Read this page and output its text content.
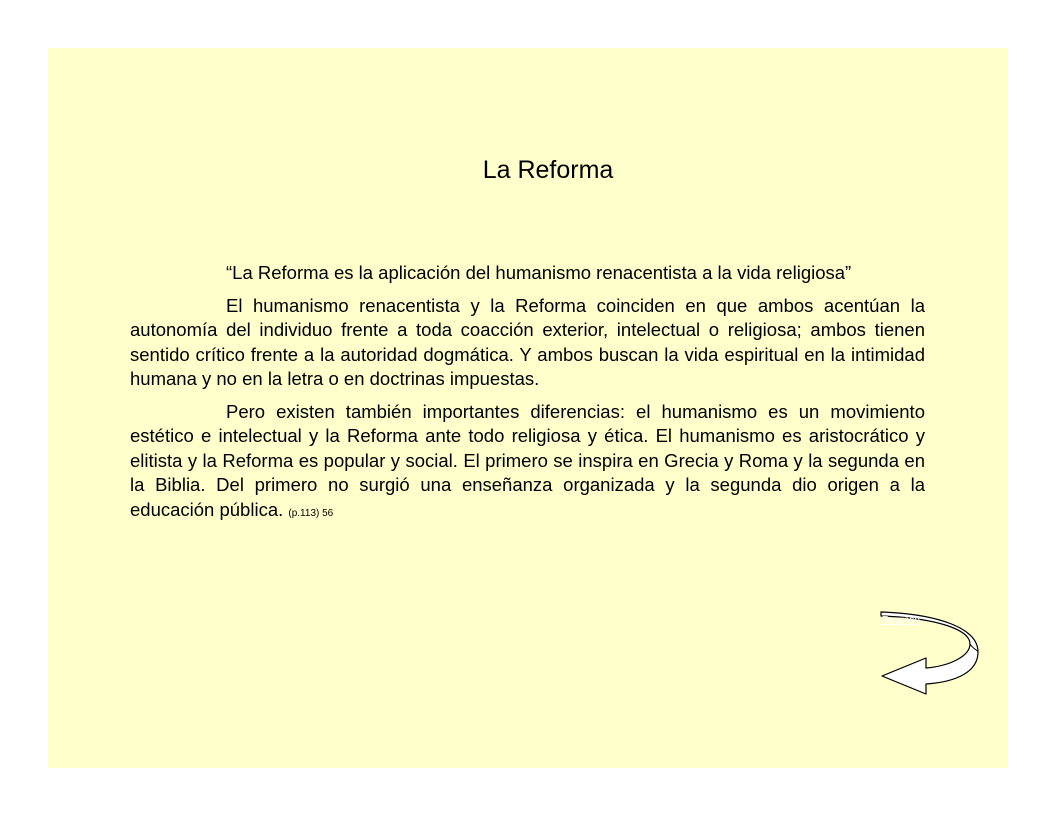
La Reforma

“La Reforma es la aplicación del humanismo renacentista a la vida religiosa”

El humanismo renacentista y la Reforma coinciden en que ambos acentúan la autonomía del individuo frente a toda coacción exterior, intelectual o religiosa; ambos tienen sentido crítico frente a la autoridad dogmática. Y ambos buscan la vida espiritual en la intimidad humana y no en la letra o en doctrinas impuestas.

Pero existen también importantes diferencias: el humanismo es un movimiento estético e intelectual y la Reforma ante todo religiosa y ética. El humanismo es aristocrático y elitista y la Reforma es popular y social. El primero se inspira en Grecia y Roma y la segunda en la Biblia. Del primero no surgió una enseñanza organizada y la segunda dio origen a la educación pública. (p.113) 56

Regreso
